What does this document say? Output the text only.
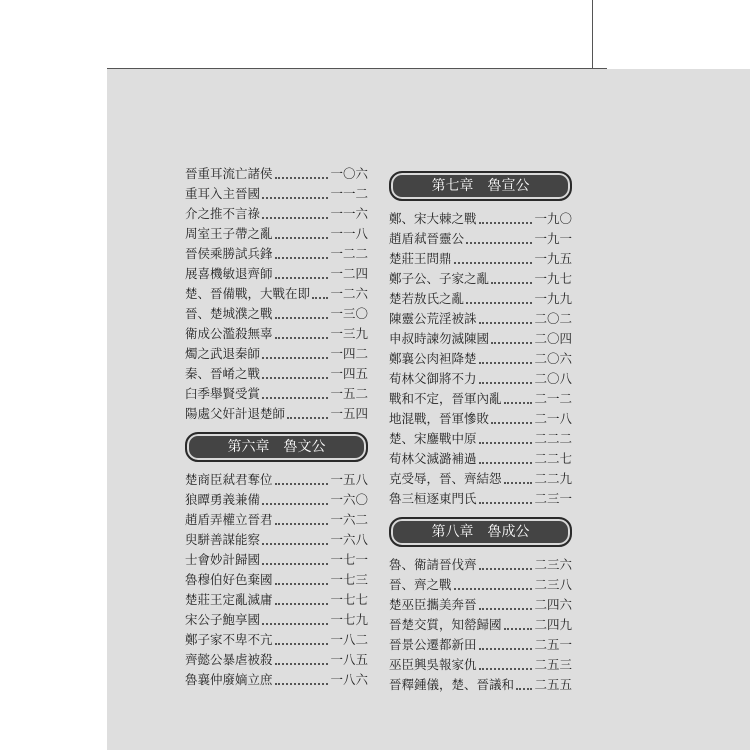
晉重耳流亡諸侯	一〇六
重耳入主晉國	一一二
介之推不言祿	一一六
周室王子帶之亂	一一八
晉侯乘勝試兵鋒	一二二
展喜機敏退齊師	一二四
楚、晉備戰，大戰在即 一二六
晉、楚城濮之戰	一三〇
衛成公濫殺無辜	一三九
燭之武退秦師	一四二
秦、晉崤之戰	一四五
臼季舉賢受賞	一五二
陽處父奸計退楚師	一五四
第六章　魯文公
楚商臣弒君奪位	一五八
狼瞫勇義兼備	一六〇
趙盾弄權立晉君	一六二
臾駢善謀能察	一六八
士會妙計歸國	一七一
魯穆伯好色棄國	一七三
楚莊王定亂滅庸	一七七
宋公子鮑享國	一七九
鄭子家不卑不亢	一八二
齊懿公暴虐被殺	一八五
魯襄仲廢嫡立庶	一八六
第七章　魯宣公
鄭、宋大棘之戰	一九〇
趙盾弒晉靈公	一九一
楚莊王問鼎	一九五
鄭子公、子家之亂	一九七
楚若敖氏之亂	一九九
陳靈公荒淫被誅	二〇二
申叔時諫勿滅陳國	二〇四
鄭襄公肉袒降楚	二〇六
荀林父御將不力	二〇八
戰和不定，晉軍內亂	二一二
地混戰，晉軍慘敗	二一八
楚、宋鏖戰中原	二二二
荀林父滅潞補過	二二七
克受辱，晉、齊結怨	二二九
魯三桓逐東門氏	二三一
第八章　魯成公
魯、衛請晉伐齊	二三六
晉、齊之戰	二三八
楚巫臣攜美奔晉	二四六
晉楚交質，知罃歸國	二四九
晉景公遷都新田	二五一
巫臣興吳報家仇	二五三
晉釋鍾儀，楚、晉議和 二五五
